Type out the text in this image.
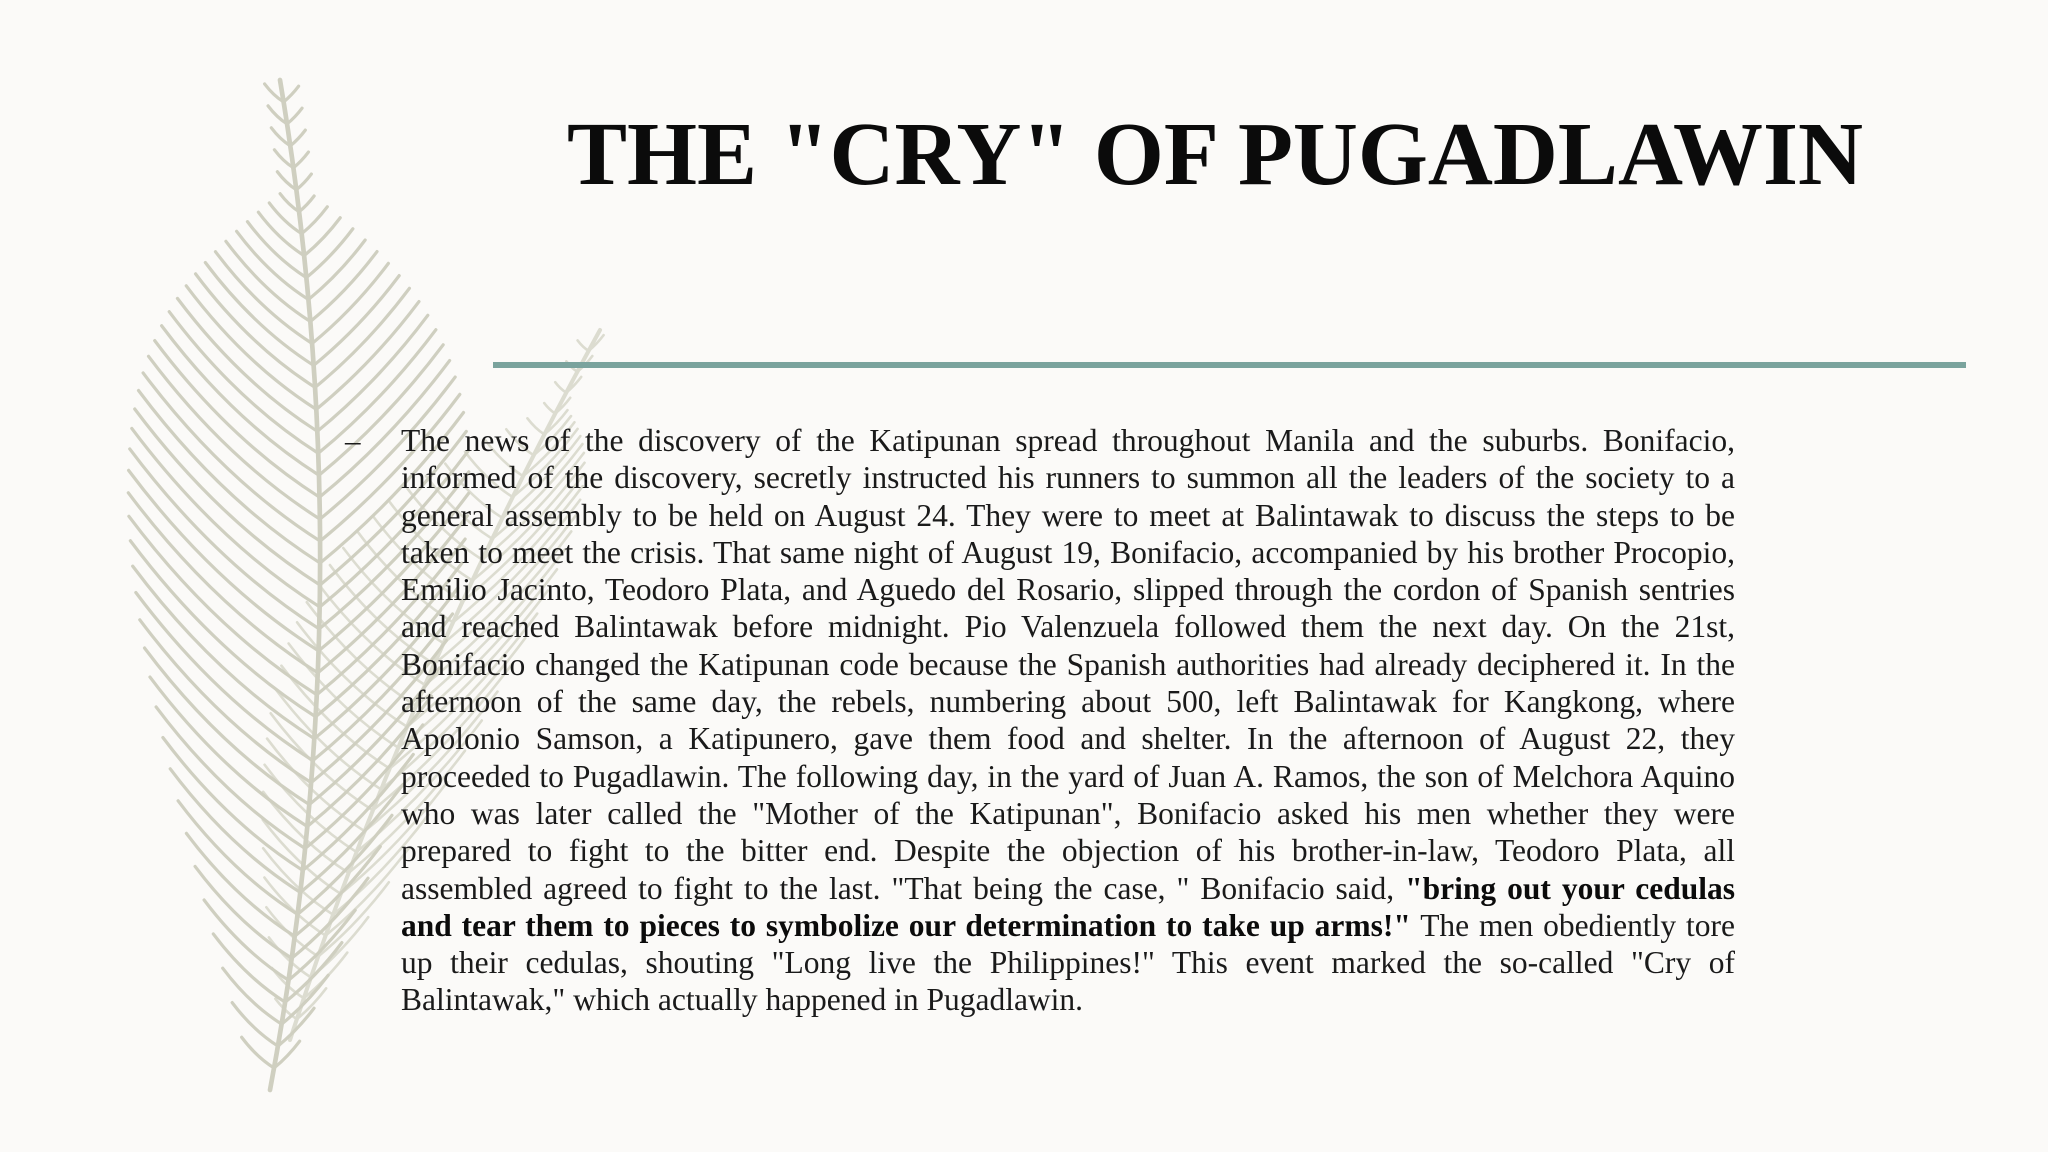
THE "CRY" OF PUGADLAWIN
– The news of the discovery of the Katipunan spread throughout Manila and the suburbs. Bonifacio, informed of the discovery, secretly instructed his runners to summon all the leaders of the society to a general assembly to be held on August 24. They were to meet at Balintawak to discuss the steps to be taken to meet the crisis. That same night of August 19, Bonifacio, accompanied by his brother Procopio, Emilio Jacinto, Teodoro Plata, and Aguedo del Rosario, slipped through the cordon of Spanish sentries and reached Balintawak before midnight. Pio Valenzuela followed them the next day. On the 21st, Bonifacio changed the Katipunan code because the Spanish authorities had already deciphered it. In the afternoon of the same day, the rebels, numbering about 500, left Balintawak for Kangkong, where Apolonio Samson, a Katipunero, gave them food and shelter. In the afternoon of August 22, they proceeded to Pugadlawin. The following day, in the yard of Juan A. Ramos, the son of Melchora Aquino who was later called the "Mother of the Katipunan", Bonifacio asked his men whether they were prepared to fight to the bitter end. Despite the objection of his brother-in-law, Teodoro Plata, all assembled agreed to fight to the last. "That being the case, " Bonifacio said, "bring out your cedulas and tear them to pieces to symbolize our determination to take up arms!" The men obediently tore up their cedulas, shouting "Long live the Philippines!" This event marked the so-called "Cry of Balintawak," which actually happened in Pugadlawin.
